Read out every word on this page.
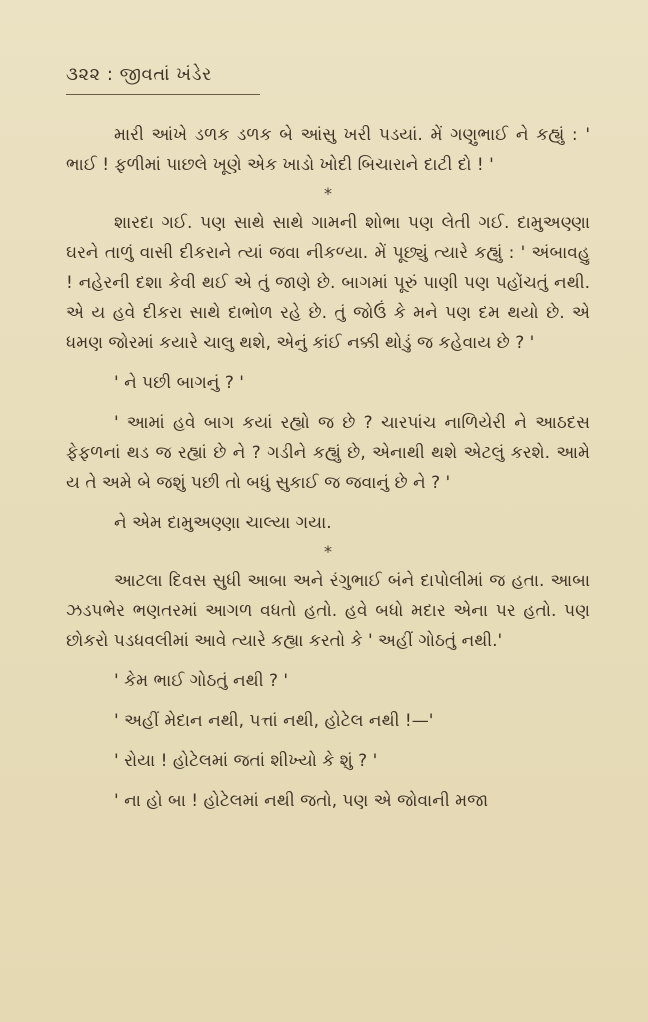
૩૨૨ : જીવતાં ખંડેર

મારી આંખે ડળક ડળક બે આંસુ ખરી પડયાં. મેં ગણુભાઈ ને કહ્યું : ' ભાઈ ! ફળીમાં પાછલે ખૂણે એક ખાડો ખોદી બિચારાને દાટી દો ! '

*

શારદા ગઈ. પણ સાથે સાથે ગામની શોભા પણ લેતી ગઈ. દામુઅણ્ણા ઘરને તાળું વાસી દીકરાને ત્યાં જવા નીકળ્યા. મેં પૂછ્યું ત્યારે કહ્યું : ' અંબાવહુ ! નહેરની દશા કેવી થઈ એ તું જાણે છે. બાગમાં પૂરું પાણી પણ પહોંચતું નથી. એ ય હવે દીકરા સાથે દાભોળ રહે છે. તું જોઉં કે મને પણ દમ થયો છે. એ ધમણ જોરમાં કયારે ચાલુ થશે, એનું કાંઈ નક્કી થોડું જ કહેવાય છે ? '

' ને પછી બાગનું ? '

' આમાં હવે બાગ કયાં રહ્યો જ છે ? ચારપાંચ નાળિયેરી ને આઠદસ ફેફળનાં થડ જ રહ્યાં છે ને ? ગડીને કહ્યું છે, એનાથી થશે એટલું કરશે. આમે ય તે અમે બે જશું પછી તો બધું સુકાઈ જ જવાનું છે ને ? '

ને એમ દામુઅણ્ણા ચાલ્યા ગયા.

*

આટલા દિવસ સુધી આબા અને રંગુભાઈ બંને દાપોલીમાં જ હતા. આબા ઝડપભેર ભણતરમાં આગળ વધતો હતો. હવે બધો મદાર એના પર હતો. પણ છોકરો પડધવલીમાં આવે ત્યારે કહ્યા કરતો કે ' અહીં ગોઠતું નથી.'

' કેમ ભાઈ ગોઠતું નથી ? '

' અહીં મેદાન નથી, પત્તાં નથી, હોટેલ નથી !—'

' રોયા ! હોટેલમાં જતાં શીખ્યો કે શું ? '

' ના હો બા ! હોટેલમાં નથી જતો, પણ એ જોવાની મજા
